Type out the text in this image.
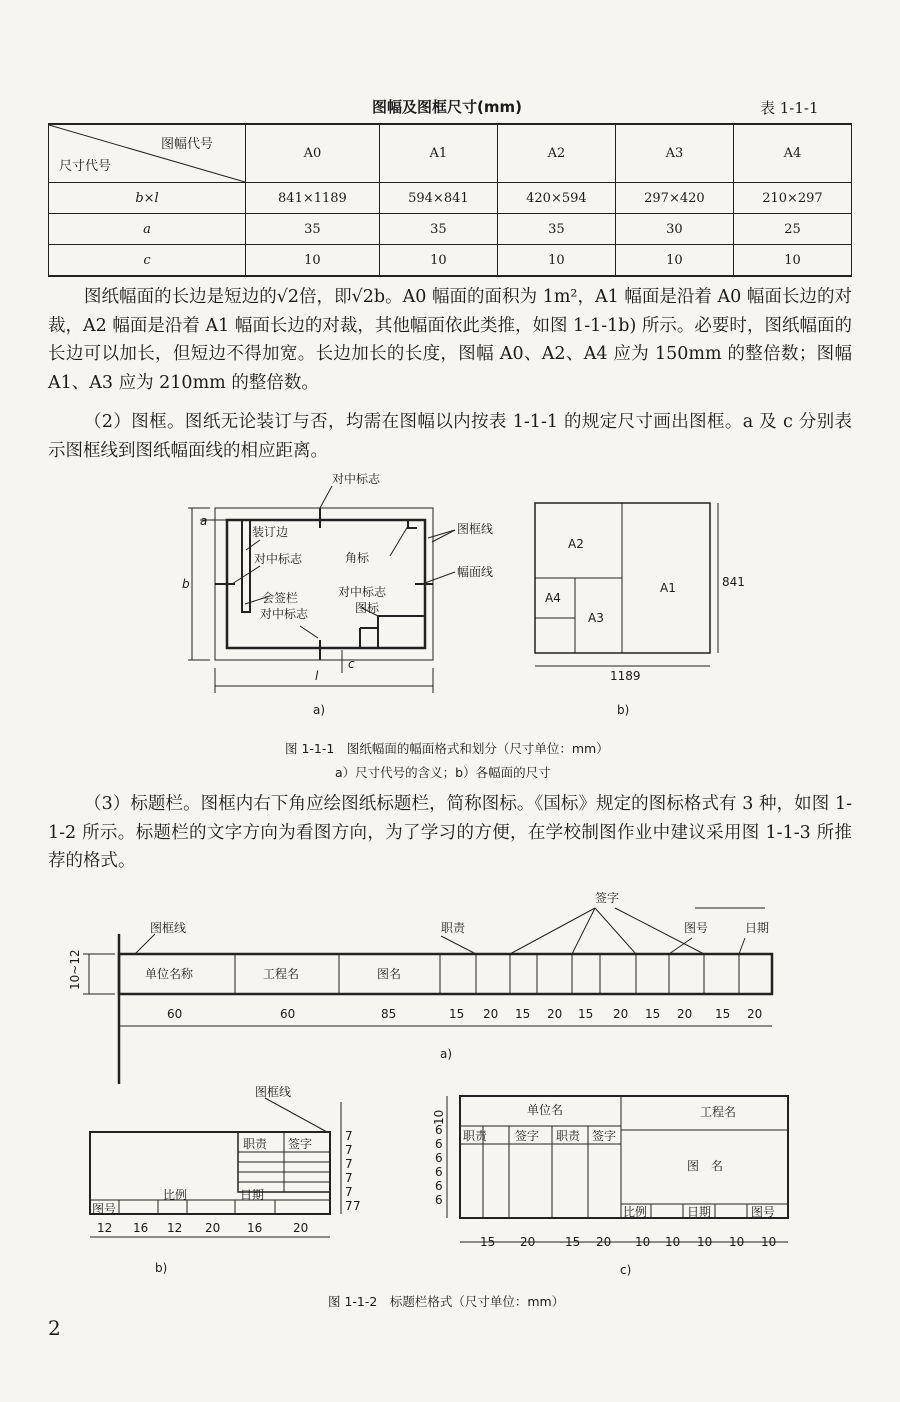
图幅及图框尺寸(mm)	表 1-1-1
图幅代号
尺寸代号	A0	A1	A2	A3	A4
b×l	841×1189	594×841	420×594	297×420	210×297
a	35	35	35	30	25
c	10	10	10	10	10
图纸幅面的长边是短边的√2倍，即√2b。A0 幅面的面积为 1m²，A1 幅面是沿着 A0 幅面长边的对裁，A2 幅面是沿着 A1 幅面长边的对裁，其他幅面依此类推，如图 1-1-1b) 所示。必要时，图纸幅面的长边可以加长，但短边不得加宽。长边加长的长度，图幅 A0、A2、A4 应为 150mm 的整倍数；图幅 A1、A3 应为 210mm 的整倍数。
（2）图框。图纸无论装订与否，均需在图幅以内按表 1-1-1 的规定尺寸画出图框。a 及 c 分别表示图框线到图纸幅面线的相应距离。
对中标志
装订边
对中标志
图框线
角标
幅面线
对中标志
图标
会签栏
对中标志
a
b
c
l
a)
A2
A1
A4
A3
841
1189
b)
图 1-1-1　图纸幅面的幅面格式和划分（尺寸单位：mm）
a）尺寸代号的含义；b）各幅面的尺寸
（3）标题栏。图框内右下角应绘图纸标题栏，简称图标。《国标》规定的图标格式有 3 种，如图 1-1-2 所示。标题栏的文字方向为看图方向，为了学习的方便，在学校制图作业中建议采用图 1-1-3 所推荐的格式。
签字
图框线	职责	图号	日期
单位名称	工程名	图名
60	60	85	15 20 15 20 15 20 15 20 15 20
10~12
a)
图框线
职责 签字
图号
比例	日期
12 16 12 20 16	20
7
7
7
7
7
7 7
b)
单位名	工程名
职责 签字 职责 签字
图　名
比例	日期	图号
15 20 15 20 10 10 10 10 10
10
6
6
6
6
6
6
c)
图 1-1-2　标题栏格式（尺寸单位：mm）
2
